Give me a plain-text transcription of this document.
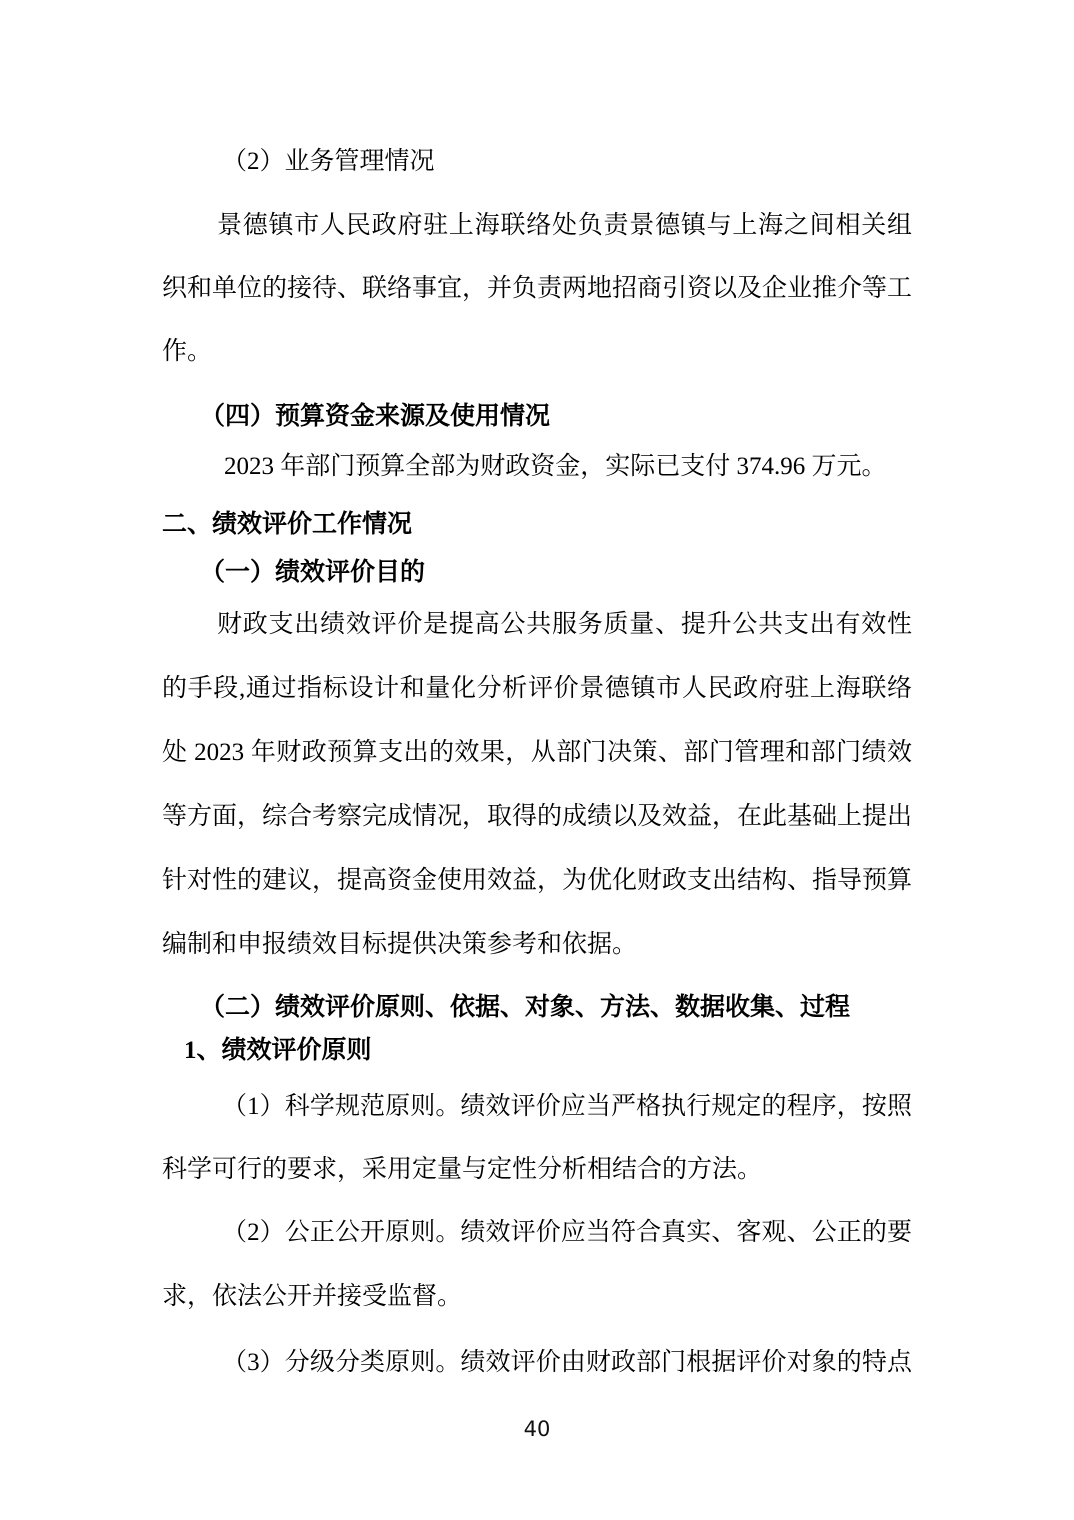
（2）业务管理情况
景德镇市人民政府驻上海联络处负责景德镇与上海之间相关组
织和单位的接待、联络事宜，并负责两地招商引资以及企业推介等工
作。
（四）预算资金来源及使用情况
2023 年部门预算全部为财政资金，实际已支付 374.96 万元。
二、绩效评价工作情况
（一）绩效评价目的
财政支出绩效评价是提高公共服务质量、提升公共支出有效性
的手段,通过指标设计和量化分析评价景德镇市人民政府驻上海联络
处 2023 年财政预算支出的效果，从部门决策、部门管理和部门绩效
等方面，综合考察完成情况，取得的成绩以及效益，在此基础上提出
针对性的建议，提高资金使用效益，为优化财政支出结构、指导预算
编制和申报绩效目标提供决策参考和依据。
（二）绩效评价原则、依据、对象、方法、数据收集、过程
1、绩效评价原则
（1）科学规范原则。绩效评价应当严格执行规定的程序，按照
科学可行的要求，采用定量与定性分析相结合的方法。
（2）公正公开原则。绩效评价应当符合真实、客观、公正的要
求，依法公开并接受监督。
（3）分级分类原则。绩效评价由财政部门根据评价对象的特点
40
